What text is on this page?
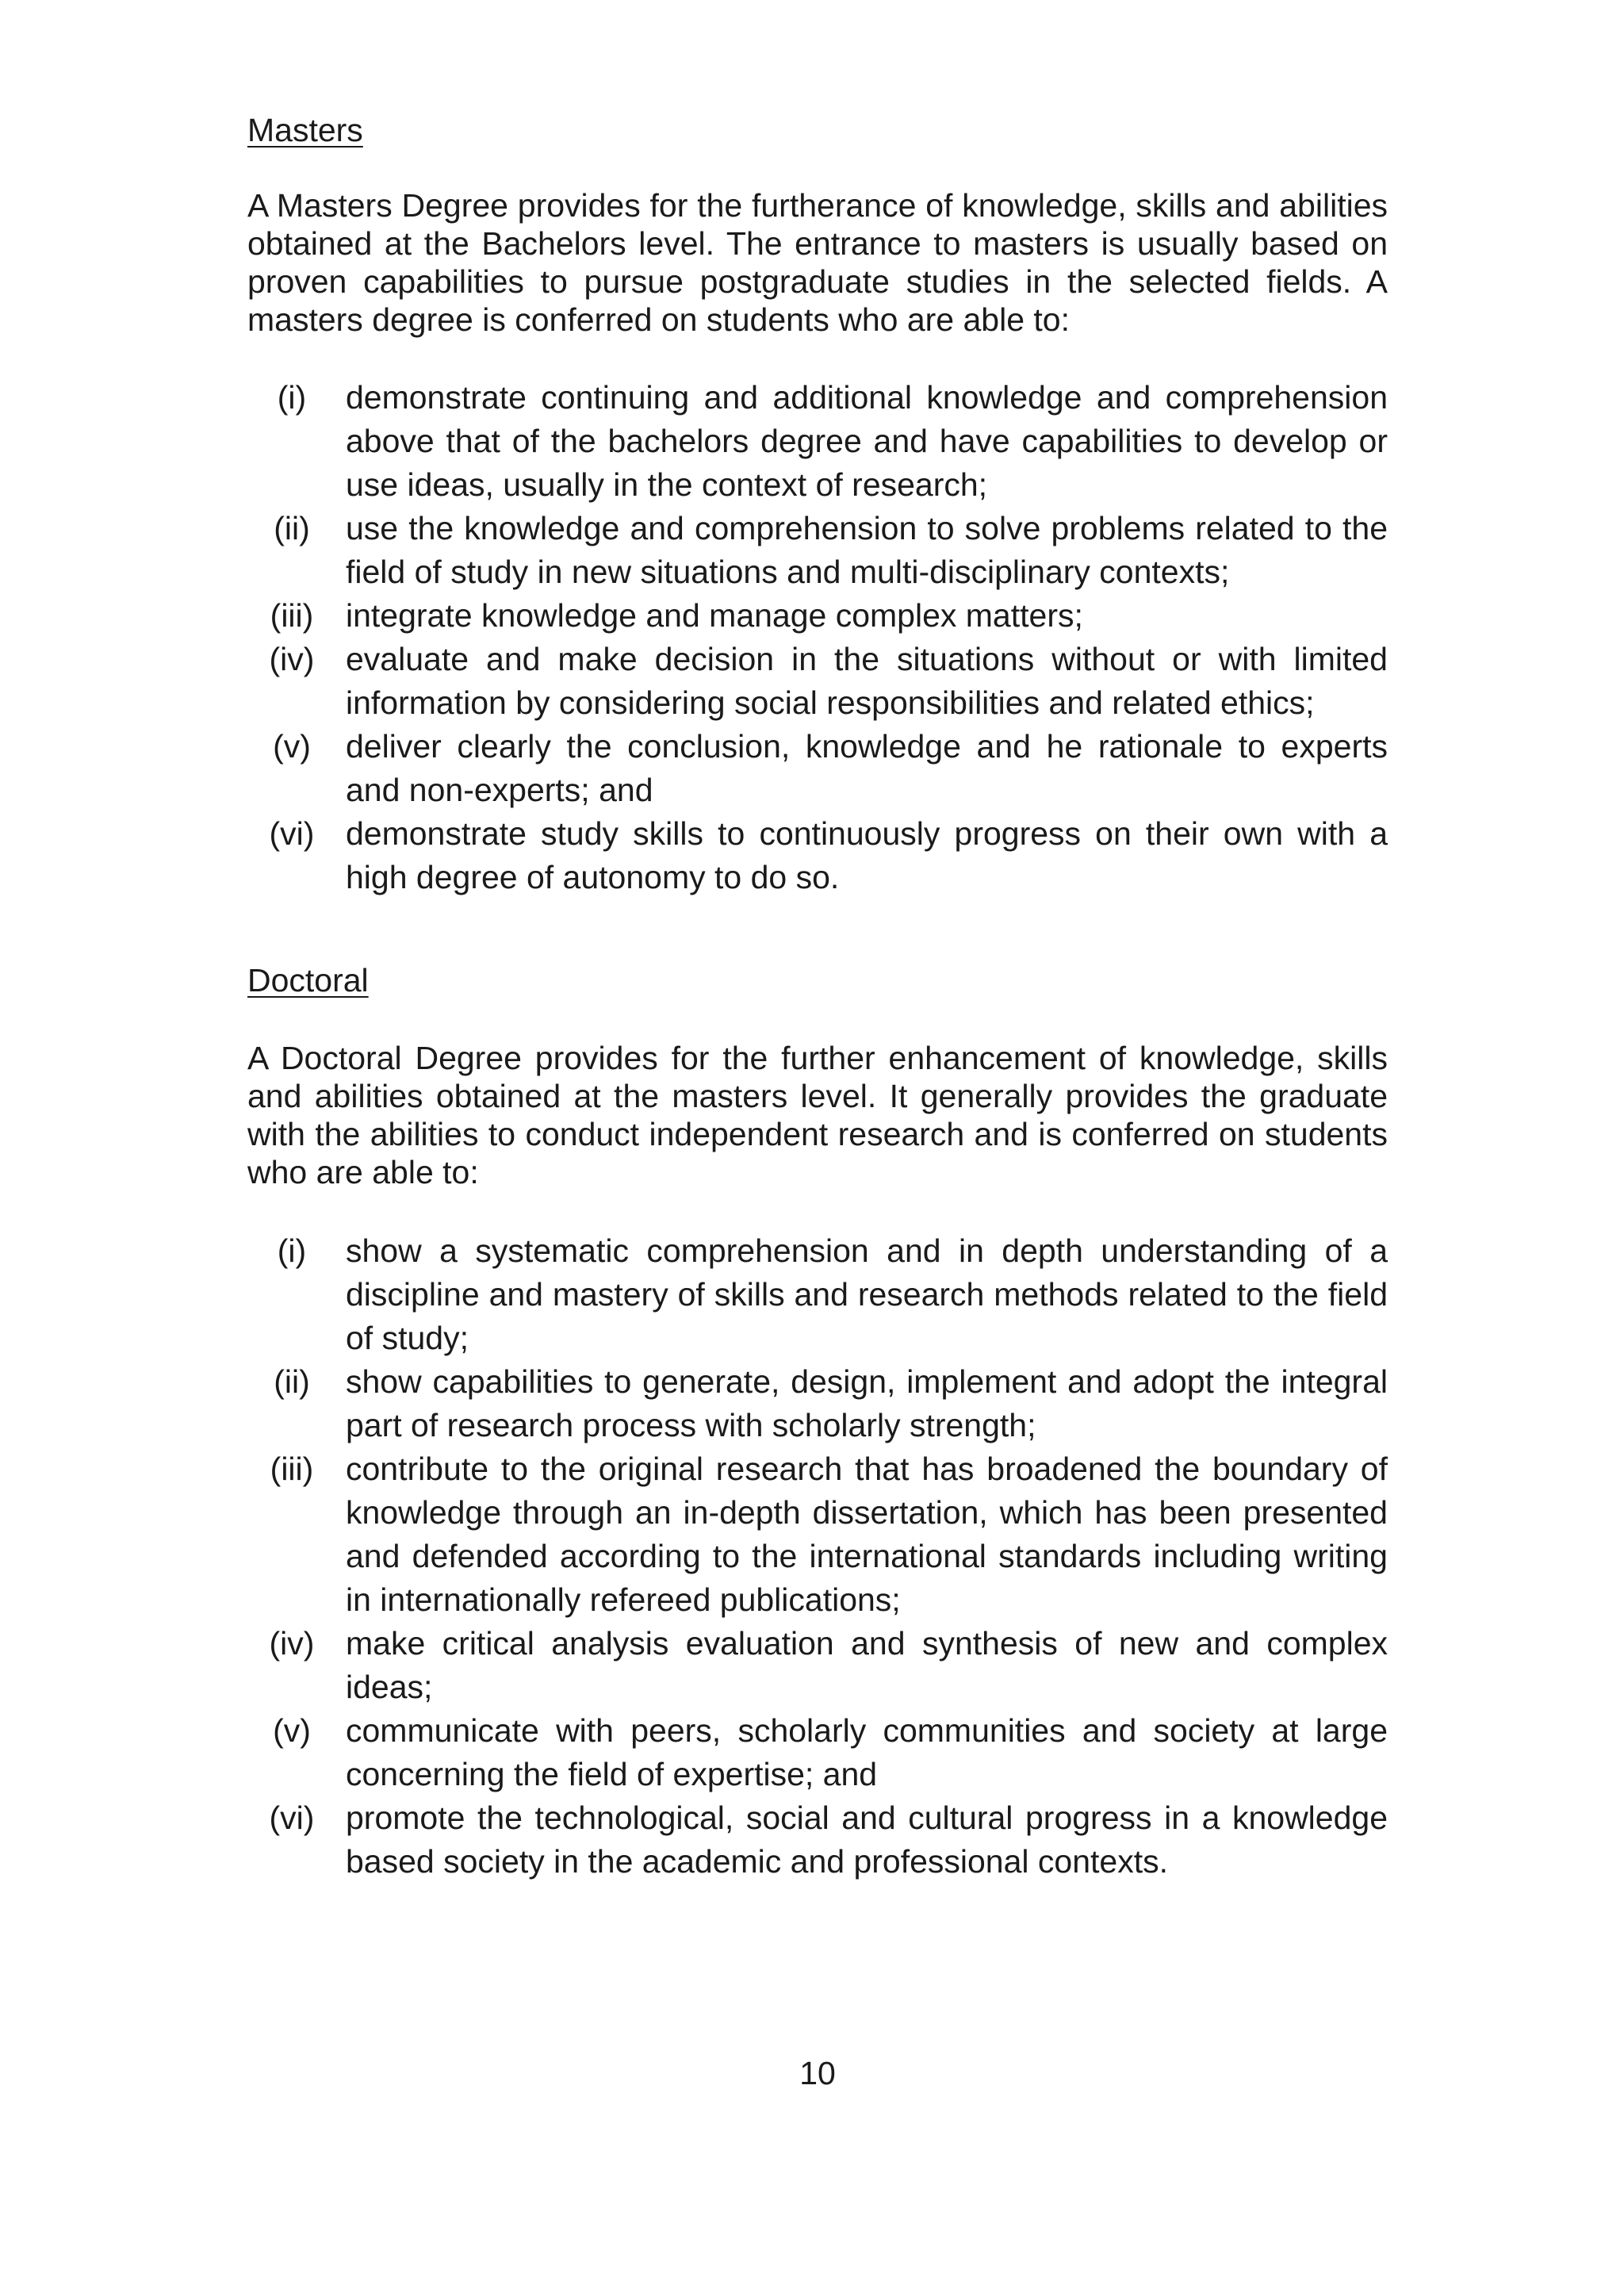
Masters

A Masters Degree provides for the furtherance of knowledge, skills and abilities obtained at the Bachelors level. The entrance to masters is usually based on proven capabilities to pursue postgraduate studies in the selected fields. A masters degree is conferred on students who are able to:

(i)	demonstrate continuing and additional knowledge and comprehension above that of the bachelors degree and have capabilities to develop or use ideas, usually in the context of research;
(ii)	use the knowledge and comprehension to solve problems related to the field of study in new situations and multi-disciplinary contexts;
(iii) integrate knowledge and manage complex matters;
(iv) evaluate and make decision in the situations without or with limited information by considering social responsibilities and related ethics;
(v)	deliver clearly the conclusion, knowledge and he rationale to experts and non-experts; and
(vi) demonstrate study skills to continuously progress on their own with a high degree of autonomy to do so.
Doctoral

A Doctoral Degree provides for the further enhancement of knowledge, skills and abilities obtained at the masters level. It generally provides the graduate with the abilities to conduct independent research and is conferred on students who are able to:

(i)	show a systematic comprehension and in depth understanding of a discipline and mastery of skills and research methods related to the field of study;
(ii)	show capabilities to generate, design, implement and adopt the integral part of research process with scholarly strength;
(iii) contribute to the original research that has broadened the boundary of knowledge through an in-depth dissertation, which has been presented and defended according to the international standards including writing in internationally refereed publications;
(iv) make critical analysis evaluation and synthesis of new and complex ideas;
(v)	communicate with peers, scholarly communities and society at large concerning the field of expertise; and
(vi) promote the technological, social and cultural progress in a knowledge based society in the academic and professional contexts.
10
